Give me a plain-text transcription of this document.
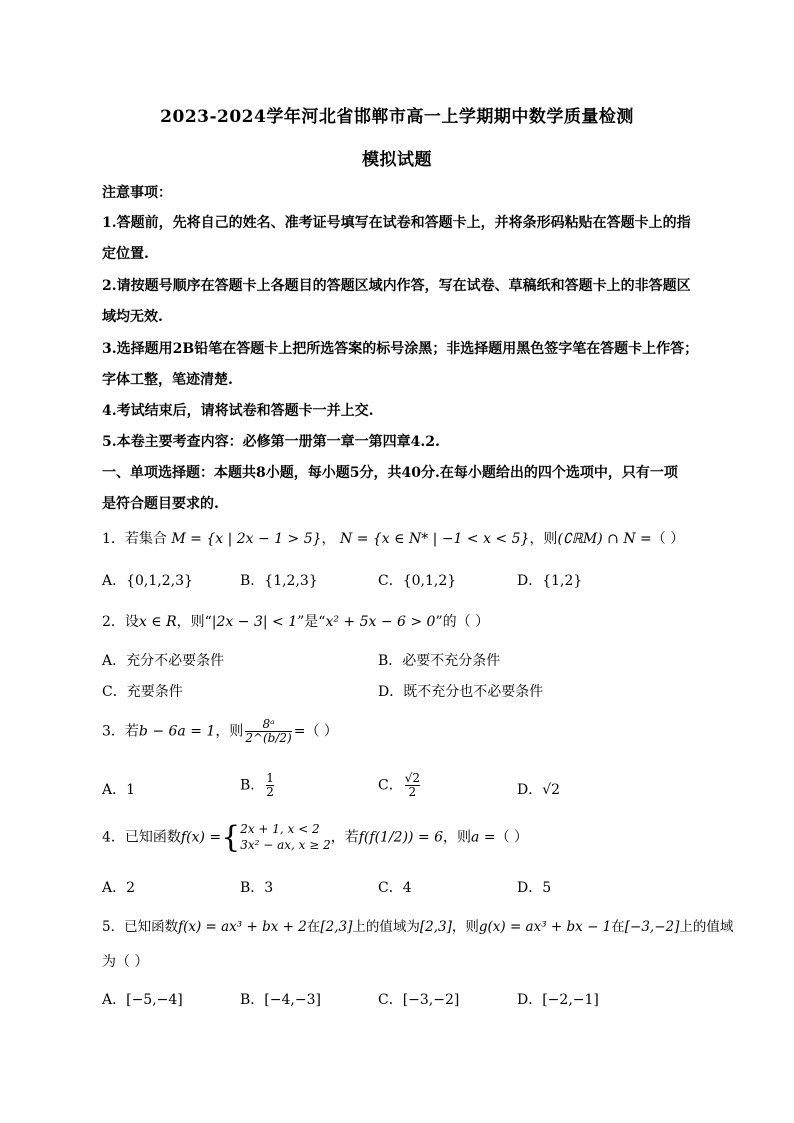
2023-2024学年河北省邯郸市高一上学期期中数学质量检测
模拟试题
注意事项：
1.答题前，先将自己的姓名、准考证号填写在试卷和答题卡上，并将条形码粘贴在答题卡上的指
定位置.
2.请按题号顺序在答题卡上各题目的答题区域内作答，写在试卷、草稿纸和答题卡上的非答题区
域均无效.
3.选择题用2B铅笔在答题卡上把所选答案的标号涂黑；非选择题用黑色签字笔在答题卡上作答；
字体工整，笔迹清楚.
4.考试结束后，请将试卷和答题卡一并上交.
5.本卷主要考查内容：必修第一册第一章一第四章4.2.
一、单项选择题：本题共8小题，每小题5分，共40分.在每小题给出的四个选项中，只有一项
是符合题目要求的.
1．若集合 M = {x | 2x − 1 > 5}， N = {x ∈ N* | −1 < x < 5}，则(∁ℝM) ∩ N =（ ）
A．{0,1,2,3}	B．{1,2,3}	C．{0,1,2}	D．{1,2}
2．设x ∈ R，则“|2x − 3| < 1”是“x² + 5x − 6 > 0”的（ ）
A．充分不必要条件	B．必要不充分条件
C．充要条件	D．既不充分也不必要条件
3．若b − 6a = 1，则 $\frac{\text{8ᵃ}}{2\^{}(b/2)}$ =（ ）
A．1	B． $\frac{1}{2}$	C． $\frac{√2}{2}$	D．√2
4．已知函数f(x) ={ 2x + 1, x < 2
3x² − ax, x ≥ 2 ，若f(f(1/2)) = 6，则a =（ ）
A．2	B．3	C．4	D．5
5．已知函数f(x) = ax³ + bx + 2在[2,3]上的值域为[2,3]，则g(x) = ax³ + bx − 1在[−3,−2]上的值域
为（ ）
A．[−5,−4]	B．[−4,−3]	C．[−3,−2]	D．[−2,−1]
